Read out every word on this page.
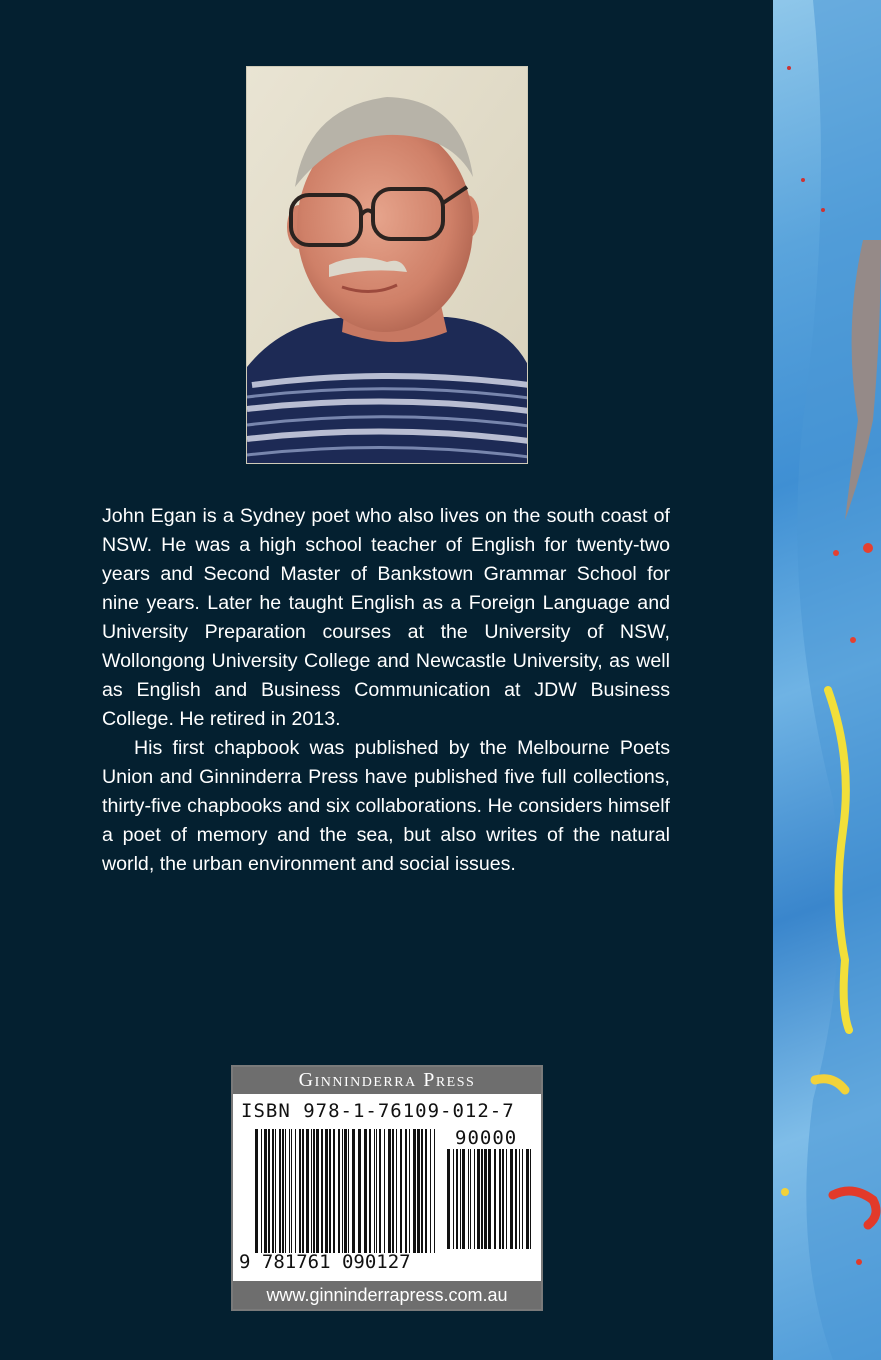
John Egan is a Sydney poet who also lives on the south coast of NSW. He was a high school teacher of English for twenty-two years and Second Master of Bankstown Grammar School for nine years. Later he taught English as a Foreign Language and University Preparation courses at the University of NSW, Wollongong University College and Newcastle University, as well as English and Business Communication at JDW Business College. He retired in 2013.

His first chapbook was published by the Melbourne Poets Union and Ginninderra Press have published five full collections, thirty-five chapbooks and six collaborations. He considers himself a poet of memory and the sea, but also writes of the natural world, the urban environment and social issues.

Ginninderra Press
ISBN 978-1-76109-012-7
90000
9 781761 090127
www.ginninderrapress.com.au
